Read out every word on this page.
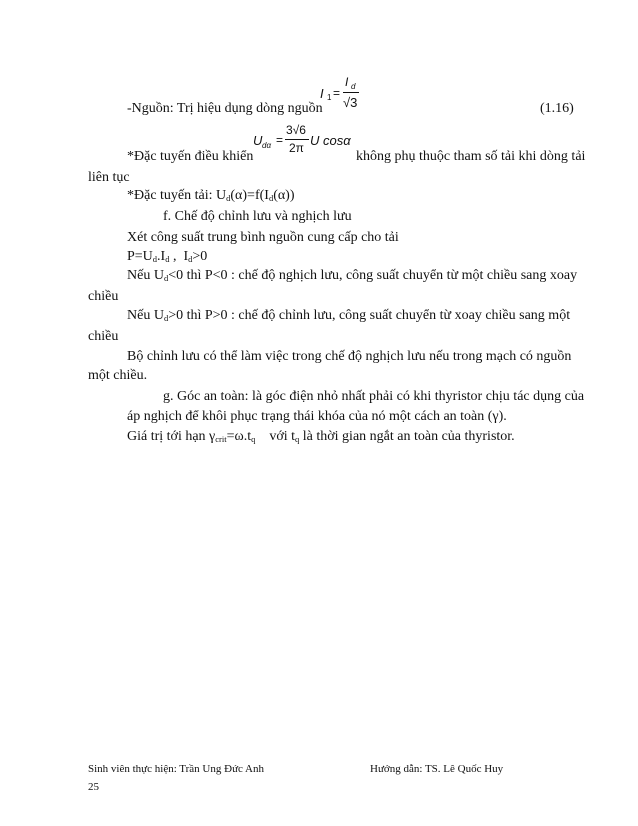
I 1 =
I d
√3
-Nguồn: Trị hiệu dụng dòng nguồn	(1.16)
U dα =
3√6
2π U cosα
*Đặc tuyến điều khiển	không phụ thuộc tham số tải khi dòng tải
liên tục
*Đặc tuyến tải: $U_d(\alpha)=f(I_d(\alpha))$
f. Chế độ chỉnh lưu và nghịch lưu
Xét công suất trung bình nguồn cung cấp cho tải
$P=U_d.I_d$ ,  $I_d>0$
Nếu $U_d<0$ thì P<0 : chế độ nghịch lưu, công suất chuyển từ một chiều sang xoay
chiều
Nếu $U_d>0$ thì P>0 : chế độ chỉnh lưu, công suất chuyển từ xoay chiều sang một
chiều
Bộ chỉnh lưu có thể làm việc trong chế độ nghịch lưu nếu trong mạch có nguồn
một chiều.
g. Góc an toàn: là góc điện nhỏ nhất phải có khi thyristor chịu tác dụng của
áp nghịch để khôi phục trạng thái khóa của nó một cách an toàn (γ).
Giá trị tới hạn $\gamma_{crit}=\omega.t_q$    với $t_q$ là thời gian ngắt an toàn của thyristor.
Sinh viên thực hiện: Trần Ung Đức Anh	Hướng dẫn: TS. Lê Quốc Huy
25
